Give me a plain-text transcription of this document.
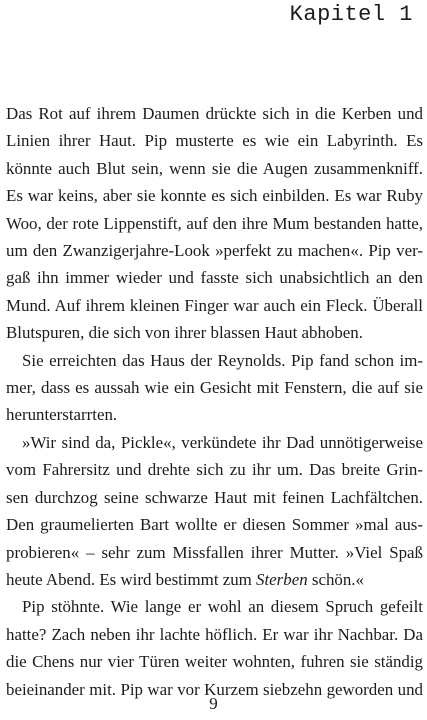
Kapitel 1
Das Rot auf ihrem Daumen drückte sich in die Kerben und
Linien ihrer Haut. Pip musterte es wie ein Labyrinth. Es
könnte auch Blut sein, wenn sie die Augen zusammenkniff.
Es war keins, aber sie konnte es sich einbilden. Es war Ruby
Woo, der rote Lippenstift, auf den ihre Mum bestanden hatte,
um den Zwanzigerjahre-Look »perfekt zu machen«. Pip ver-
gaß ihn immer wieder und fasste sich unabsichtlich an den
Mund. Auf ihrem kleinen Finger war auch ein Fleck. Überall
Blutspuren, die sich von ihrer blassen Haut abhoben.
Sie erreichten das Haus der Reynolds. Pip fand schon im-
mer, dass es aussah wie ein Gesicht mit Fenstern, die auf sie
herunterstarrten.
»Wir sind da, Pickle«, verkündete ihr Dad unnötigerweise
vom Fahrersitz und drehte sich zu ihr um. Das breite Grin-
sen durchzog seine schwarze Haut mit feinen Lachfältchen.
Den graumelierten Bart wollte er diesen Sommer »mal aus-
probieren« – sehr zum Missfallen ihrer Mutter. »Viel Spaß
heute Abend. Es wird bestimmt zum Sterben schön.«
Pip stöhnte. Wie lange er wohl an diesem Spruch gefeilt
hatte? Zach neben ihr lachte höflich. Er war ihr Nachbar. Da
die Chens nur vier Türen weiter wohnten, fuhren sie ständig
beieinander mit. Pip war vor Kurzem siebzehn geworden und
9
